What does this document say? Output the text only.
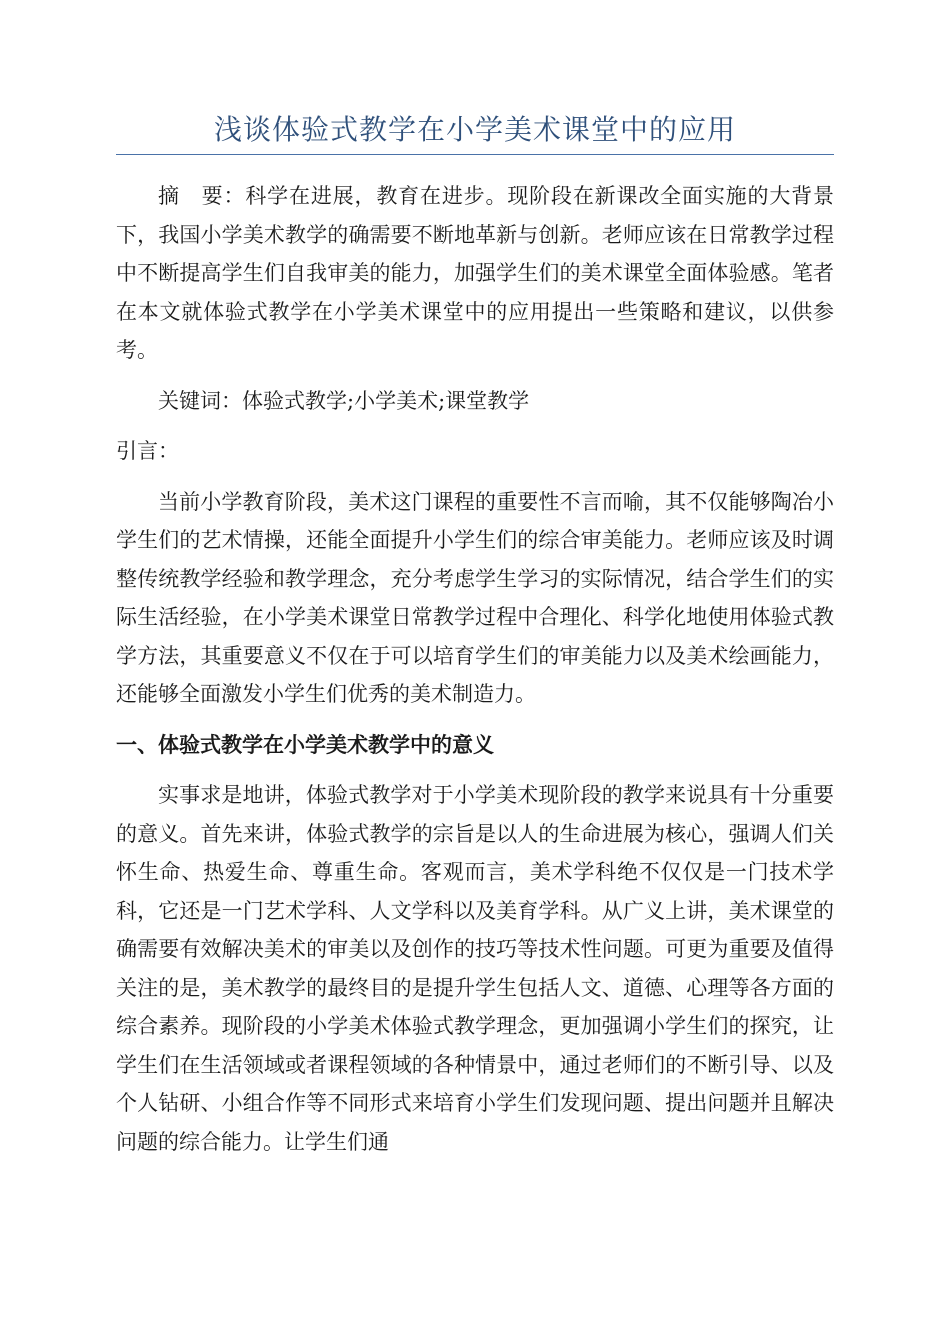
浅谈体验式教学在小学美术课堂中的应用

摘　要：科学在进展，教育在进步。现阶段在新课改全面实施的大背景下，我国小学美术教学的确需要不断地革新与创新。老师应该在日常教学过程中不断提高学生们自我审美的能力，加强学生们的美术课堂全面体验感。笔者在本文就体验式教学在小学美术课堂中的应用提出一些策略和建议，以供参考。

关键词：体验式教学;小学美术;课堂教学

引言：

当前小学教育阶段，美术这门课程的重要性不言而喻，其不仅能够陶冶小学生们的艺术情操，还能全面提升小学生们的综合审美能力。老师应该及时调整传统教学经验和教学理念，充分考虑学生学习的实际情况，结合学生们的实际生活经验，在小学美术课堂日常教学过程中合理化、科学化地使用体验式教学方法，其重要意义不仅在于可以培育学生们的审美能力以及美术绘画能力，还能够全面激发小学生们优秀的美术制造力。

一、体验式教学在小学美术教学中的意义

实事求是地讲，体验式教学对于小学美术现阶段的教学来说具有十分重要的意义。首先来讲，体验式教学的宗旨是以人的生命进展为核心，强调人们关怀生命、热爱生命、尊重生命。客观而言，美术学科绝不仅仅是一门技术学科，它还是一门艺术学科、人文学科以及美育学科。从广义上讲，美术课堂的确需要有效解决美术的审美以及创作的技巧等技术性问题。可更为重要及值得关注的是，美术教学的最终目的是提升学生包括人文、道德、心理等各方面的综合素养。现阶段的小学美术体验式教学理念，更加强调小学生们的探究，让学生们在生活领域或者课程领域的各种情景中，通过老师们的不断引导、以及个人钻研、小组合作等不同形式来培育小学生们发现问题、提出问题并且解决问题的综合能力。让学生们通
